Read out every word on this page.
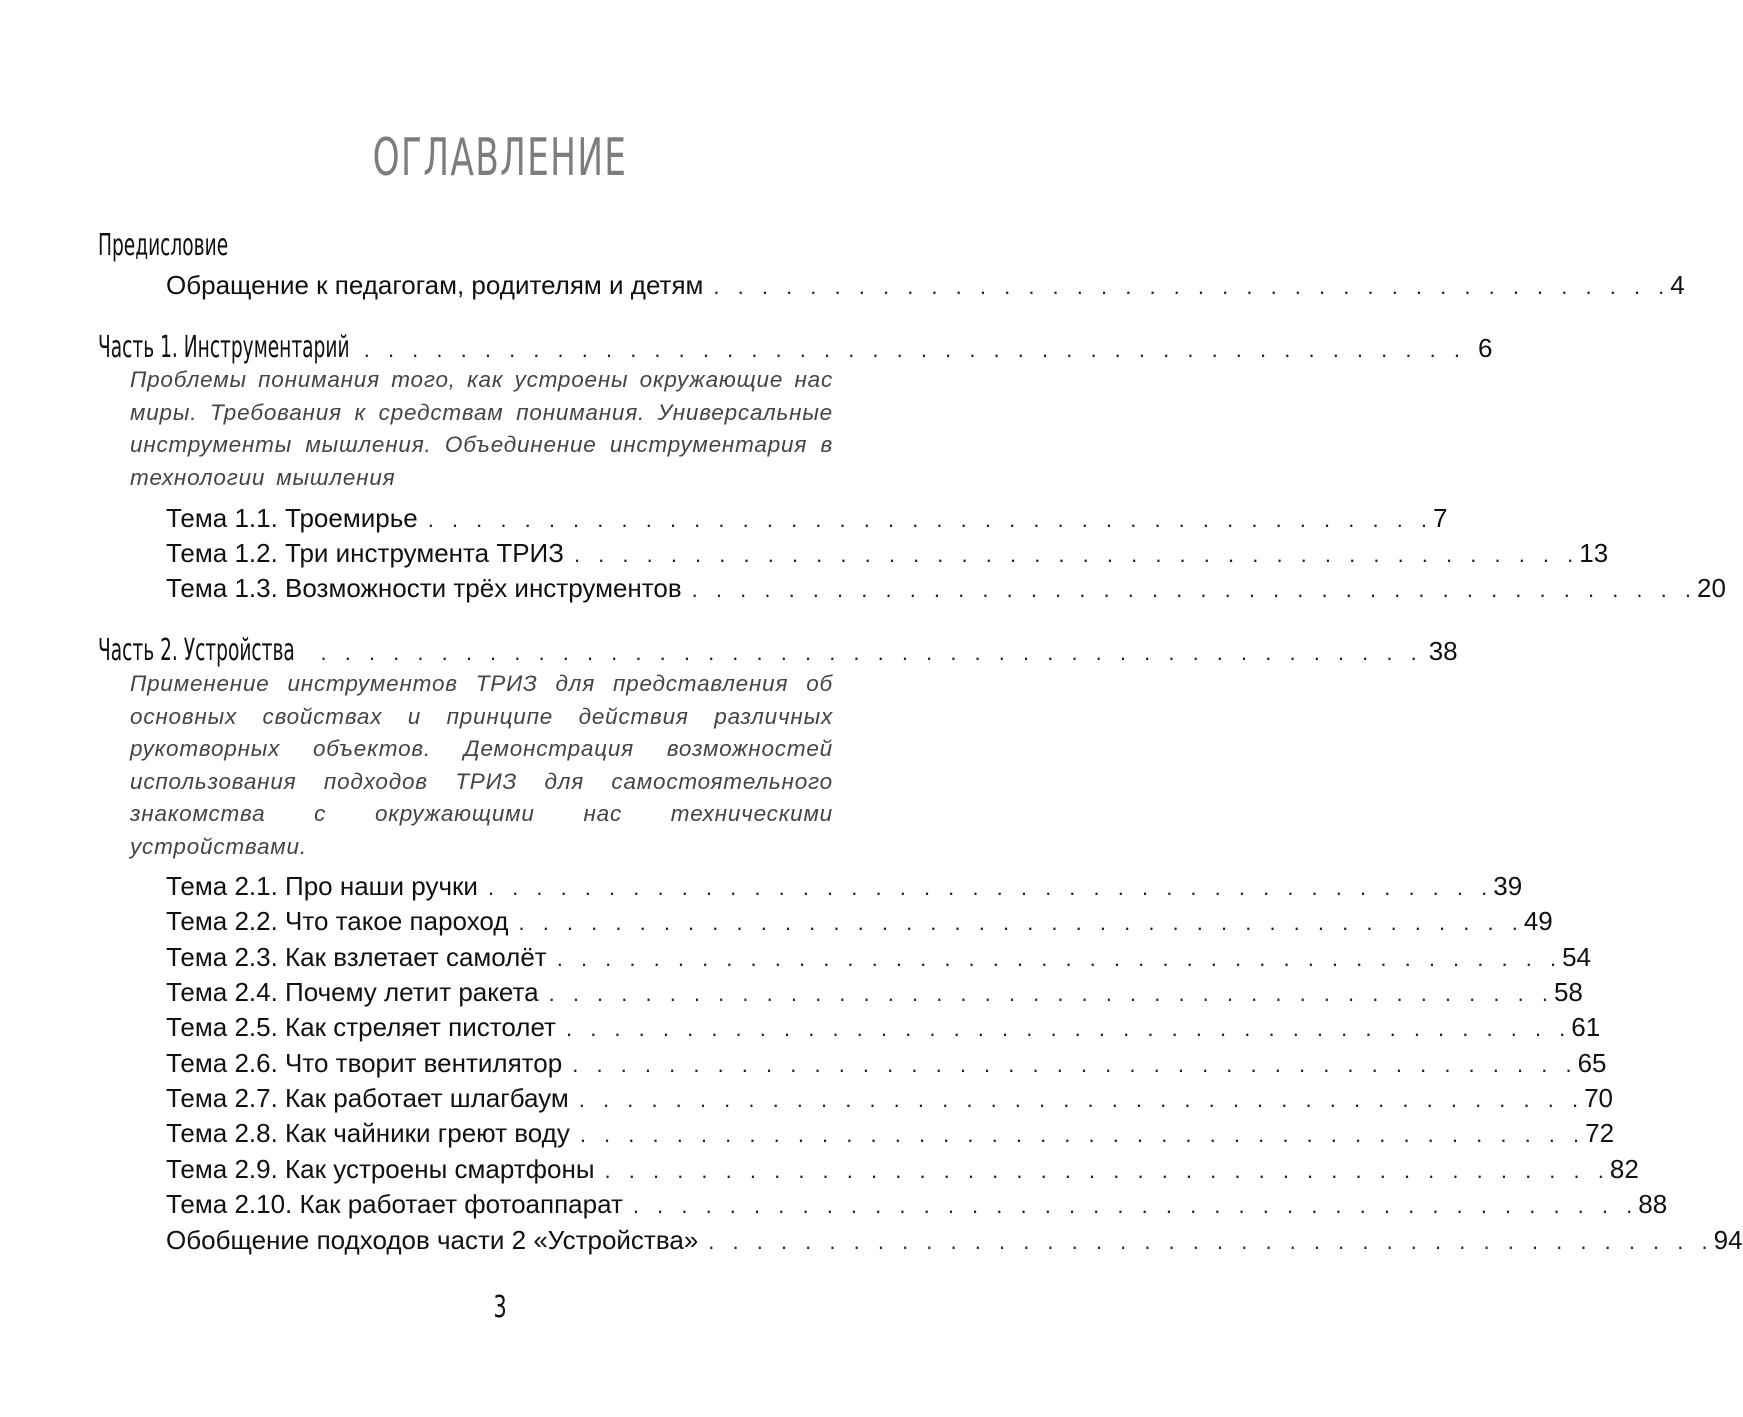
ОГЛАВЛЕНИЕ
Предисловие
Обращение к педагогам, родителям и детям . . . . . . . . . . . . . . . . . . . . . . . . . . . . . . . . . . . . . . . . 4
Часть 1. Инструментарий . . . . . . . . . . . . . . . . . . . . . . . . . . . . . . . . . . . . . . . . . . . . . . 6
Проблемы понимания того, как устроены окружающие нас миры. Требования к средствам понимания. Универсальные инструменты мышления. Объединение инструментария в технологии мышления
Тема 1.1. Троемирье . . . . . . . . . . . . . . . . . . . . . . . . . . . . . . . . . . . . . . . . . . 7
Тема 1.2. Три инструмента ТРИЗ . . . . . . . . . . . . . . . . . . . . . . . . . . . . . . . . . . . . . . . . . . 13
Тема 1.3. Возможности трёх инструментов . . . . . . . . . . . . . . . . . . . . . . . . . . . . . . . . . . . . . . . . . . 20
Часть 2. Устройства . . . . . . . . . . . . . . . . . . . . . . . . . . . . . . . . . . . . . . . . . . . . . . 38
Применение инструментов ТРИЗ для представления об основных свойствах и принципе действия различных рукотворных объектов. Демонстрация возможностей использования подходов ТРИЗ для самостоятельного знакомства с окружающими нас техническими устройствами.
Тема 2.1. Про наши ручки . . . . . . . . . . . . . . . . . . . . . . . . . . . . . . . . . . . . . . . . . . 39
Тема 2.2. Что такое пароход . . . . . . . . . . . . . . . . . . . . . . . . . . . . . . . . . . . . . . . . . . 49
Тема 2.3. Как взлетает самолёт . . . . . . . . . . . . . . . . . . . . . . . . . . . . . . . . . . . . . . . . . . 54
Тема 2.4. Почему летит ракета . . . . . . . . . . . . . . . . . . . . . . . . . . . . . . . . . . . . . . . . . . 58
Тема 2.5. Как стреляет пистолет . . . . . . . . . . . . . . . . . . . . . . . . . . . . . . . . . . . . . . . . . . 61
Тема 2.6. Что творит вентилятор . . . . . . . . . . . . . . . . . . . . . . . . . . . . . . . . . . . . . . . . . . 65
Тема 2.7. Как работает шлагбаум . . . . . . . . . . . . . . . . . . . . . . . . . . . . . . . . . . . . . . . . . . 70
Тема 2.8. Как чайники греют воду . . . . . . . . . . . . . . . . . . . . . . . . . . . . . . . . . . . . . . . . . . 72
Тема 2.9. Как устроены смартфоны . . . . . . . . . . . . . . . . . . . . . . . . . . . . . . . . . . . . . . . . . . 82
Тема 2.10. Как работает фотоаппарат . . . . . . . . . . . . . . . . . . . . . . . . . . . . . . . . . . . . . . . . . . 88
Обобщение подходов части 2 «Устройства» . . . . . . . . . . . . . . . . . . . . . . . . . . . . . . . . . . . . . . . . . . 94
3
